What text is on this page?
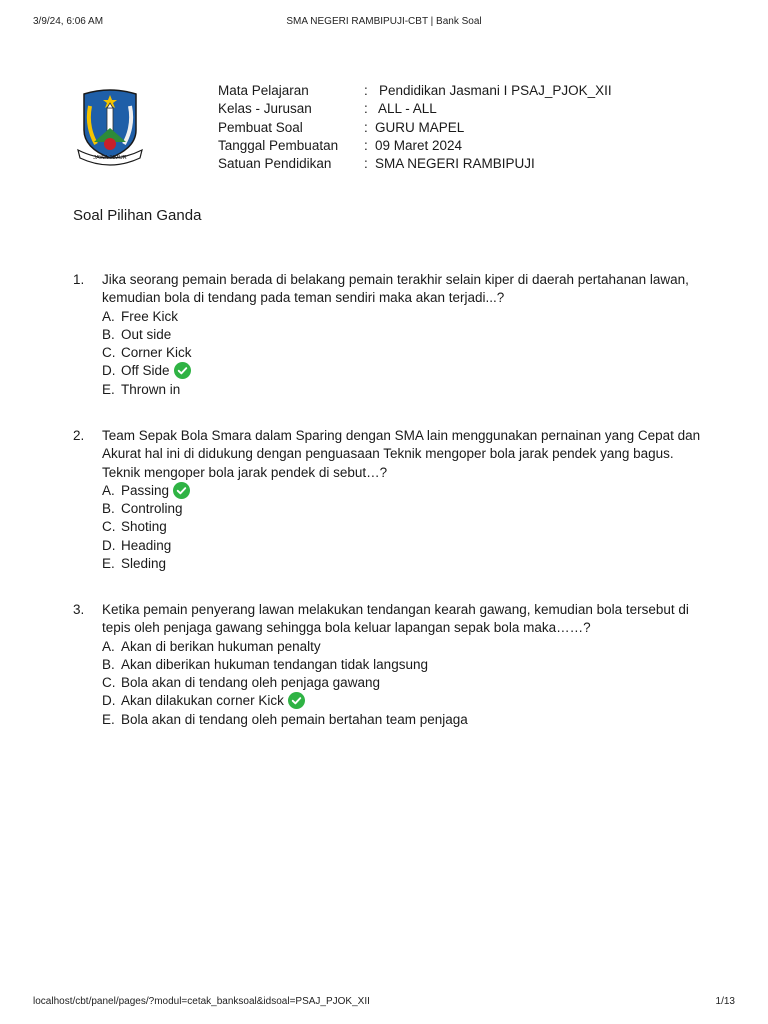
3/9/24, 6:06 AM	SMA NEGERI RAMBIPUJI-CBT | Bank Soal
JAWA TIMUR
Mata Pelajaran	: Pendidikan Jasmani I PSAJ_PJOK_XII
Kelas - Jurusan	: ALL - ALL
Pembuat Soal	: GURU MAPEL
Tanggal Pembuatan : 09 Maret 2024
Satuan Pendidikan : SMA NEGERI RAMBIPUJI
Soal Pilihan Ganda
1. Jika seorang pemain berada di belakang pemain terakhir selain kiper di daerah pertahanan lawan, kemudian bola di tendang pada teman sendiri maka akan terjadi...?

A. Free Kick
B. Out side
C. Corner Kick
D. Off Side
E. Thrown in
2. Team Sepak Bola Smara dalam Sparing dengan SMA lain menggunakan pernainan yang Cepat dan Akurat hal ini di didukung dengan penguasaan Teknik mengoper bola jarak pendek yang bagus. Teknik mengoper bola jarak pendek di sebut…?

A. Passing
B. Controling
C. Shoting
D. Heading
E. Sleding
3. Ketika pemain penyerang lawan melakukan tendangan kearah gawang, kemudian bola tersebut di tepis oleh penjaga gawang sehingga bola keluar lapangan sepak bola maka……?

A. Akan di berikan hukuman penalty
B. Akan diberikan hukuman tendangan tidak langsung
C. Bola akan di tendang oleh penjaga gawang
D. Akan dilakukan corner Kick
E. Bola akan di tendang oleh pemain bertahan team penjaga
localhost/cbt/panel/pages/?modul=cetak_banksoal&idsoal=PSAJ_PJOK_XII	1/13
